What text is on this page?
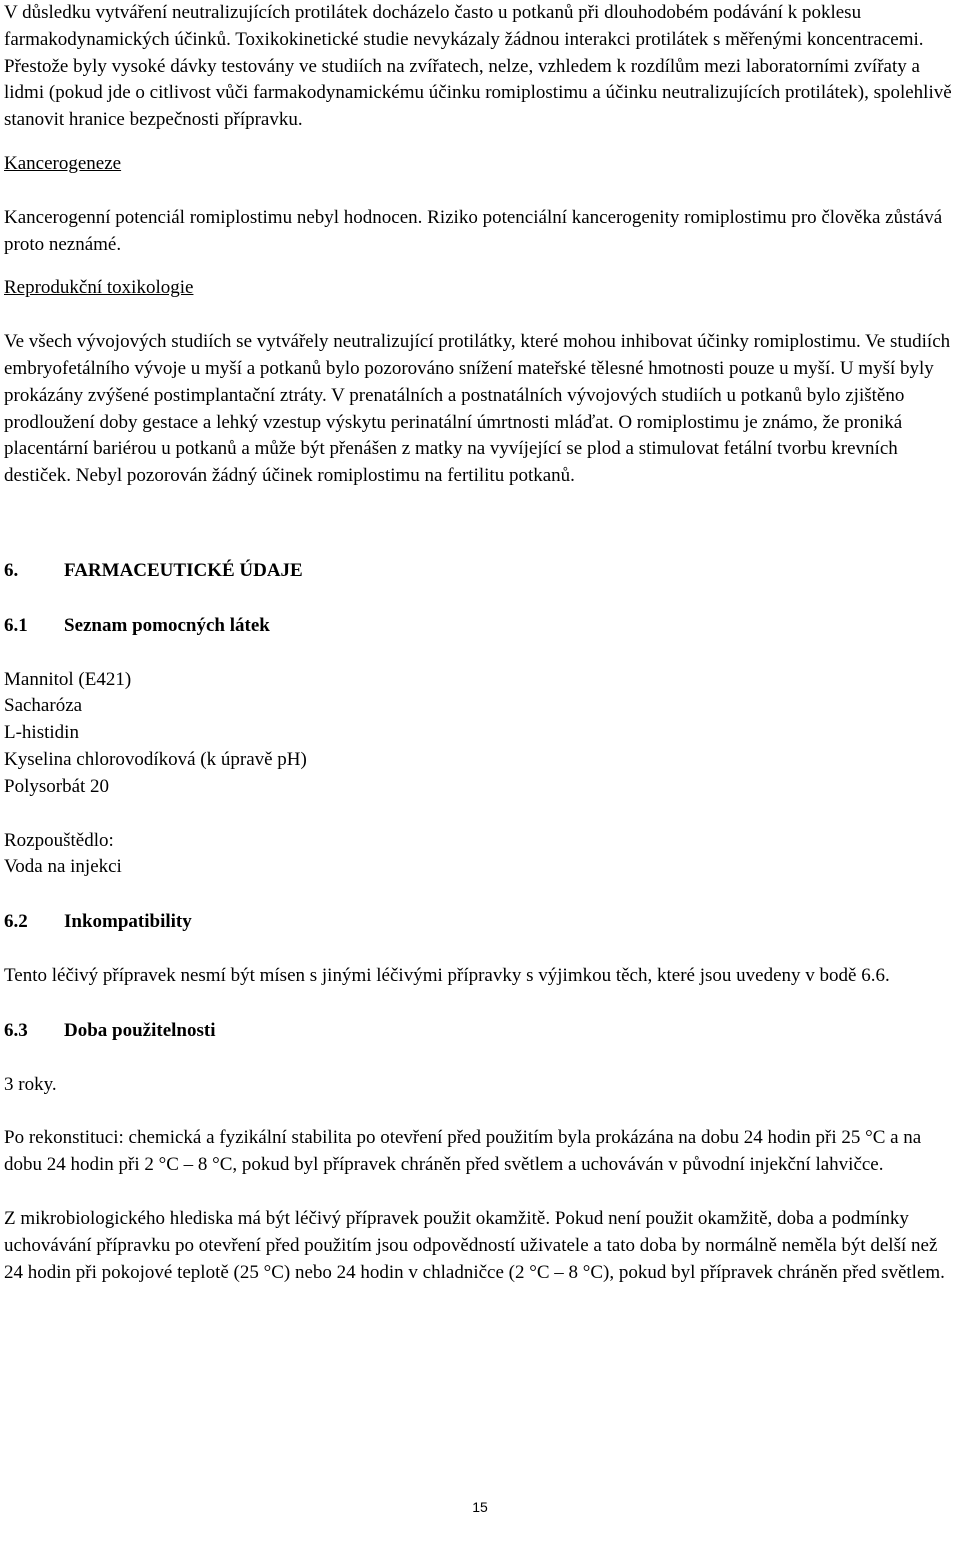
V důsledku vytváření neutralizujících protilátek docházelo často u potkanů při dlouhodobém podávání k poklesu farmakodynamických účinků. Toxikokinetické studie nevykázaly žádnou interakci protilátek s měřenými koncentracemi. Přestože byly vysoké dávky testovány ve studiích na zvířatech, nelze, vzhledem k rozdílům mezi laboratorními zvířaty a lidmi (pokud jde o citlivost vůči farmakodynamickému účinku romiplostimu a účinku neutralizujících protilátek), spolehlivě stanovit hranice bezpečnosti přípravku.

Kancerogeneze

Kancerogenní potenciál romiplostimu nebyl hodnocen. Riziko potenciální kancerogenity romiplostimu pro člověka zůstává proto neznámé.

Reprodukční toxikologie

Ve všech vývojových studiích se vytvářely neutralizující protilátky, které mohou inhibovat účinky romiplostimu. Ve studiích embryofetálního vývoje u myší a potkanů bylo pozorováno snížení mateřské tělesné hmotnosti pouze u myší. U myší byly prokázány zvýšené postimplantační ztráty. V prenatálních a postnatálních vývojových studiích u potkanů bylo zjištěno prodloužení doby gestace a lehký vzestup výskytu perinatální úmrtnosti mláďat. O romiplostimu je známo, že proniká placentární bariérou u potkanů a může být přenášen z matky na vyvíjející se plod a stimulovat fetální tvorbu krevních destiček. Nebyl pozorován žádný účinek romiplostimu na fertilitu potkanů.

6.	FARMACEUTICKÉ ÚDAJE

6.1	Seznam pomocných látek

Mannitol (E421)

Sacharóza

L-histidin

Kyselina chlorovodíková (k úpravě pH)

Polysorbát 20

Rozpouštědlo:

Voda na injekci

6.2	Inkompatibility

Tento léčivý přípravek nesmí být mísen s jinými léčivými přípravky s výjimkou těch, které jsou uvedeny v bodě 6.6.

6.3	Doba použitelnosti

3 roky.

Po rekonstituci: chemická a fyzikální stabilita po otevření před použitím byla prokázána na dobu 24 hodin při 25 °C a na dobu 24 hodin při 2 °C – 8 °C, pokud byl přípravek chráněn před světlem a uchováván v původní injekční lahvičce.

Z mikrobiologického hlediska má být léčivý přípravek použit okamžitě. Pokud není použit okamžitě, doba a podmínky uchovávání přípravku po otevření před použitím jsou odpovědností uživatele a tato doba by normálně neměla být delší než 24 hodin při pokojové teplotě (25 °C) nebo 24 hodin v chladničce (2 °C – 8 °C), pokud byl přípravek chráněn před světlem.

15
